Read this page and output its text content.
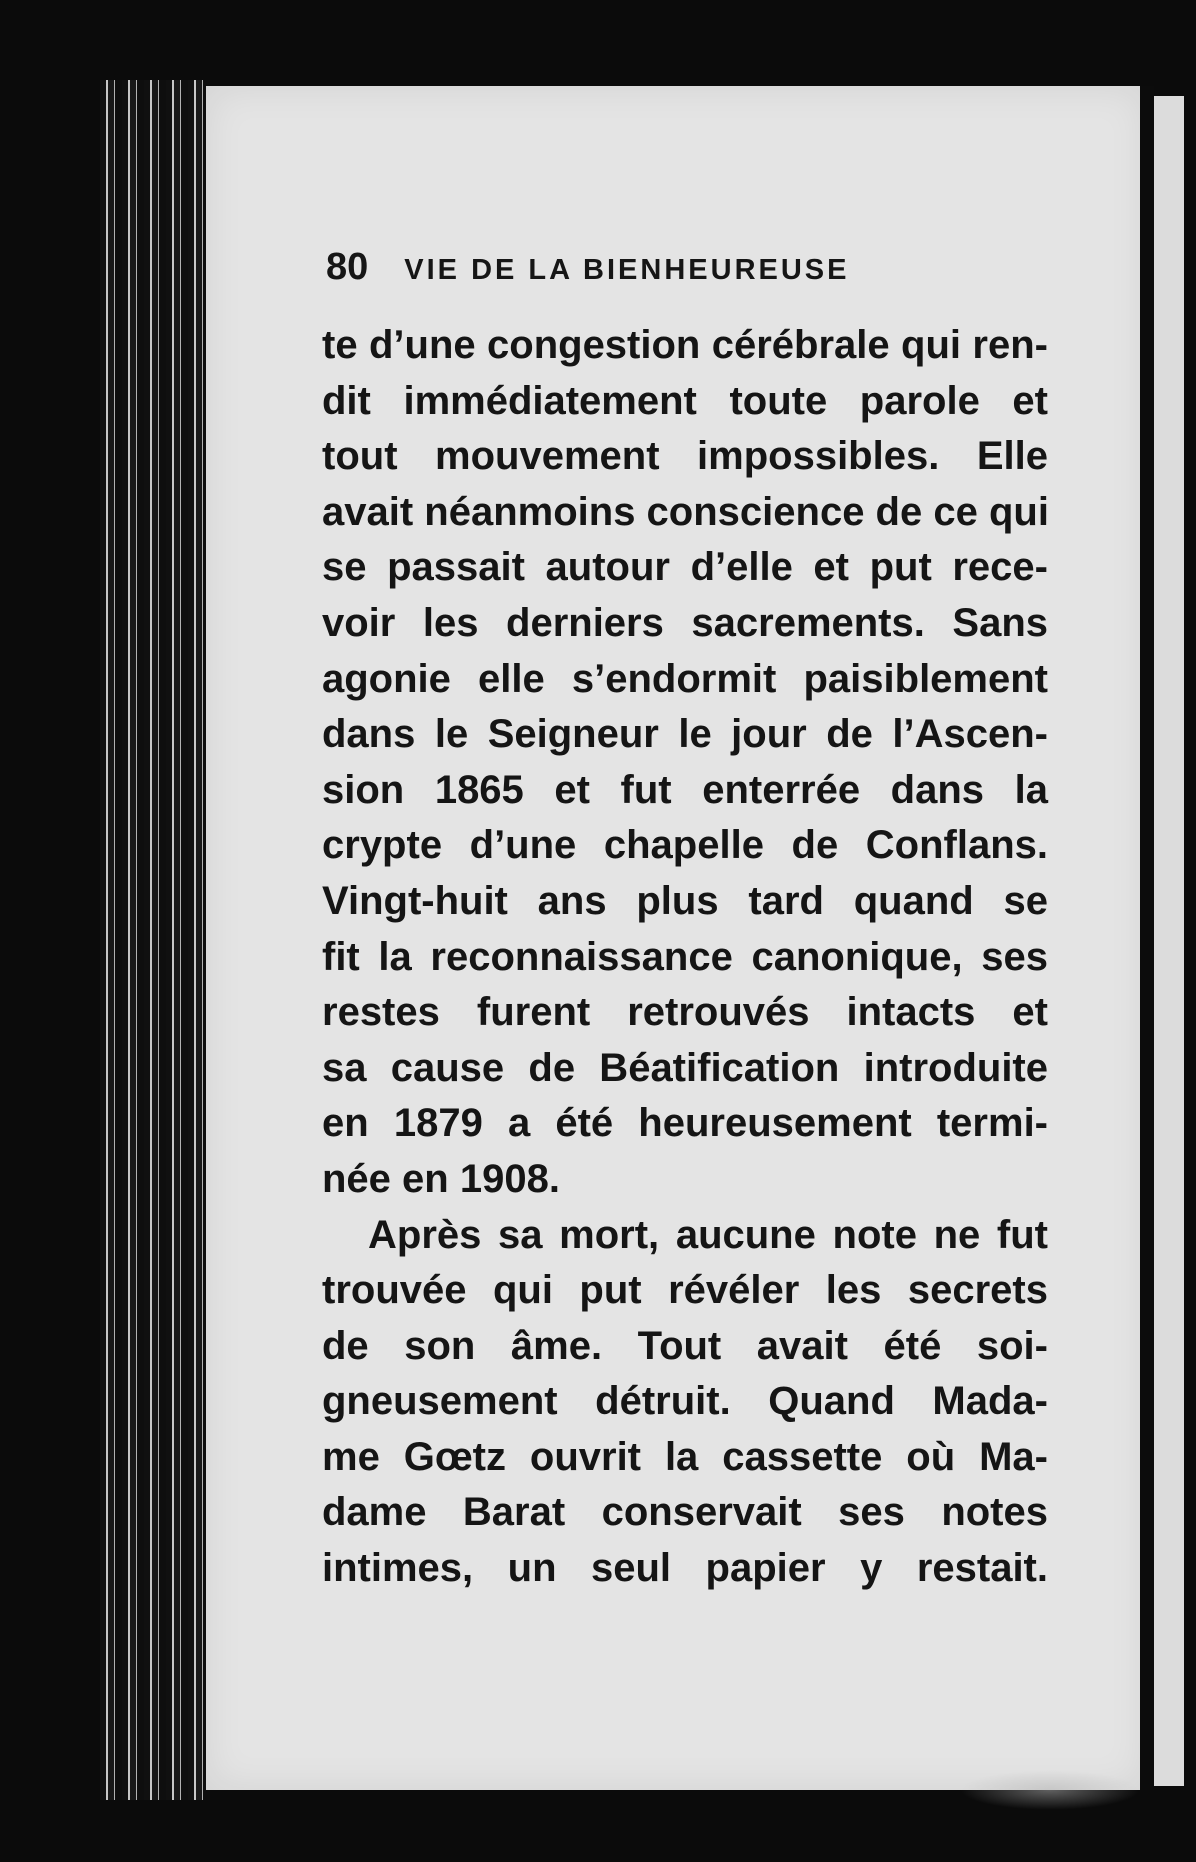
80 VIE DE LA BIENHEUREUSE
te d’une congestion cérébrale qui ren-
dit immédiatement toute parole et
tout mouvement impossibles. Elle
avait néanmoins conscience de ce qui
se passait autour d’elle et put rece-
voir les derniers sacrements. Sans
agonie elle s’endormit paisiblement
dans le Seigneur le jour de l’Ascen-
sion 1865 et fut enterrée dans la
crypte d’une chapelle de Conflans.
Vingt-huit ans plus tard quand se
fit la reconnaissance canonique, ses
restes furent retrouvés intacts et
sa cause de Béatification introduite
en 1879 a été heureusement termi-
née en 1908.
Après sa mort, aucune note ne fut
trouvée qui put révéler les secrets
de son âme. Tout avait été soi-
gneusement détruit. Quand Mada-
me Gœtz ouvrit la cassette où Ma-
dame Barat conservait ses notes
intimes, un seul papier y restait.
